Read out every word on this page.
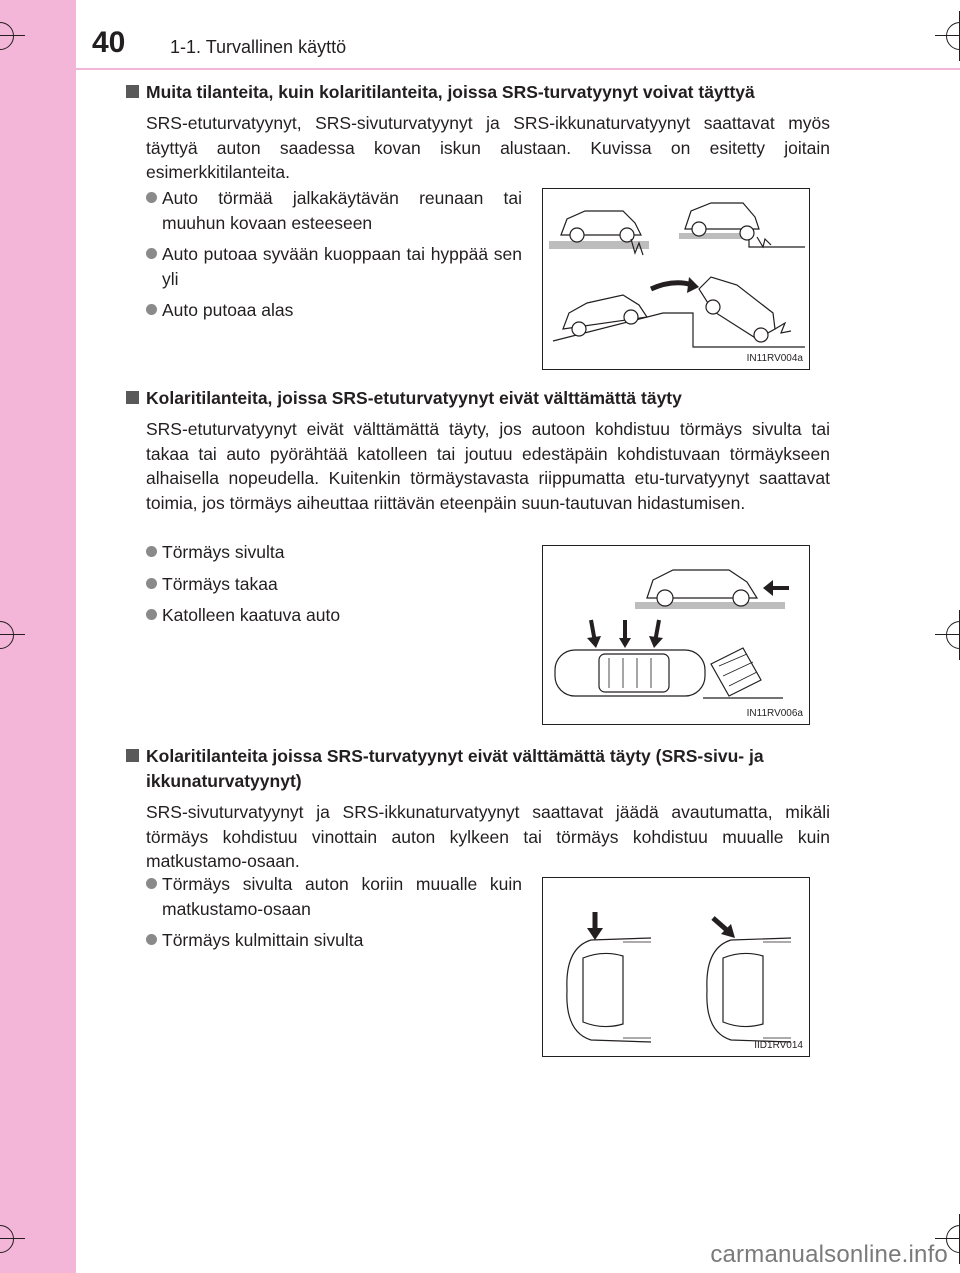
40 1-1. Turvallinen käyttö
Muita tilanteita, kuin kolaritilanteita, joissa SRS-turvatyynyt voivat täyttyä

SRS-etuturvatyynyt, SRS-sivuturvatyynyt ja SRS-ikkunaturvatyynyt saattavat myös täyttyä auton saadessa kovan iskun alustaan. Kuvissa on esitetty joitain esimerkkitilanteita.

Auto törmää jalkakäytävän reunaan tai muuhun kovaan esteeseen
Auto putoaa syvään kuoppaan tai hyppää sen yli
Auto putoaa alas
IN11RV004a
Kolaritilanteita, joissa SRS-etuturvatyynyt eivät välttämättä täyty

SRS-etuturvatyynyt eivät välttämättä täyty, jos autoon kohdistuu törmäys sivulta tai takaa tai auto pyörähtää katolleen tai joutuu edestäpäin kohdistuvaan törmäykseen alhaisella nopeudella. Kuitenkin törmäystavasta riippumatta etu-turvatyynyt saattavat toimia, jos törmäys aiheuttaa riittävän eteenpäin suun-tautuvan hidastumisen.

Törmäys sivulta
Törmäys takaa
Katolleen kaatuva auto
IN11RV006a
Kolaritilanteita joissa SRS-turvatyynyt eivät välttämättä täyty (SRS-sivu- ja ikkunaturvatyynyt)

SRS-sivuturvatyynyt ja SRS-ikkunaturvatyynyt saattavat jäädä avautumatta, mikäli törmäys kohdistuu vinottain auton kylkeen tai törmäys kohdistuu muualle kuin matkustamo-osaan.

Törmäys sivulta auton koriin muualle kuin matkustamo-osaan
Törmäys kulmittain sivulta
IID1RV014
carmanualsonline.info
